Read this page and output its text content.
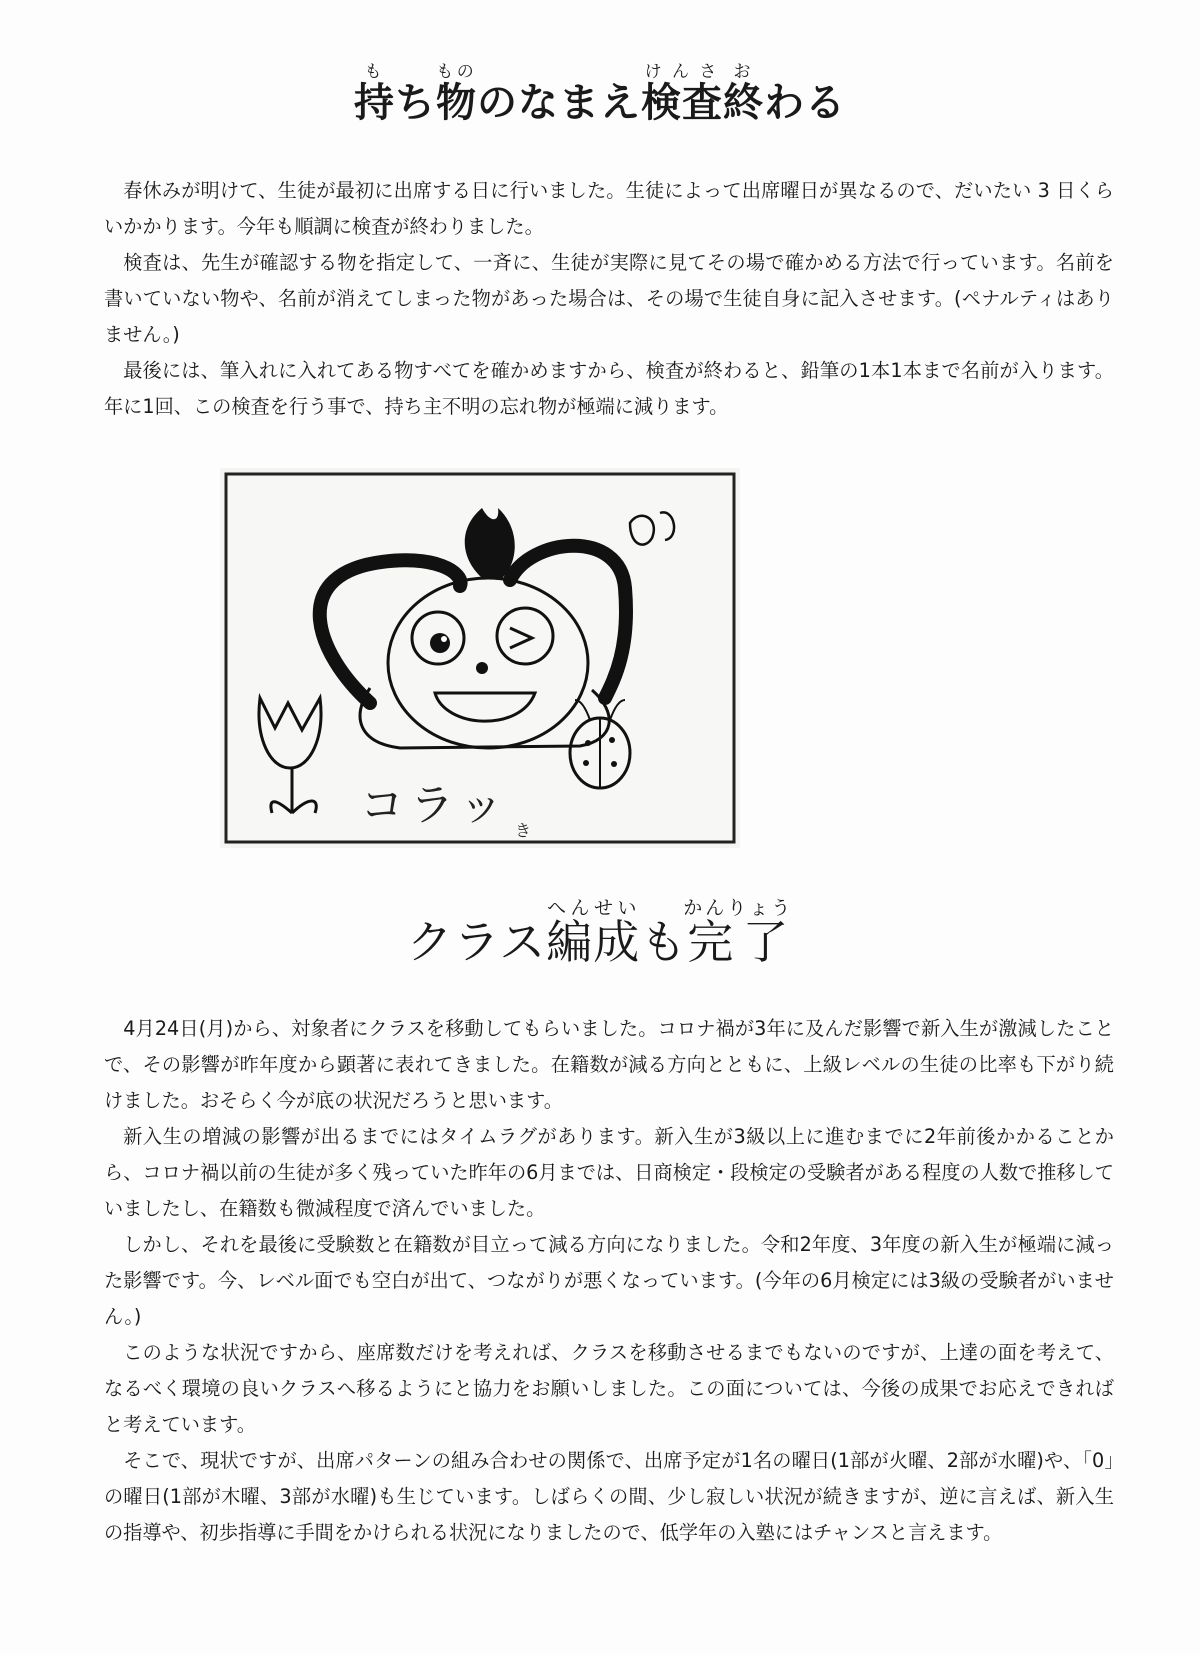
持もち物もののなまえ検査けんさ終おわる

春休みが明けて、生徒が最初に出席する日に行いました。生徒によって出席曜日が異なるので、だいたい 3 日くらいかかります。今年も順調に検査が終わりました。

検査は、先生が確認する物を指定して、一斉に、生徒が実際に見てその場で確かめる方法で行っています。名前を書いていない物や、名前が消えてしまった物があった場合は、その場で生徒自身に記入させます。(ペナルティはありません。)

最後には、筆入れに入れてある物すべてを確かめますから、検査が終わると、鉛筆の1本1本まで名前が入ります。年に1回、この検査を行う事で、持ち主不明の忘れ物が極端に減ります。

コラッ き
クラス編成へんせいも完了かんりょう

4月24日(月)から、対象者にクラスを移動してもらいました。コロナ禍が3年に及んだ影響で新入生が激減したことで、その影響が昨年度から顕著に表れてきました。在籍数が減る方向とともに、上級レベルの生徒の比率も下がり続けました。おそらく今が底の状況だろうと思います。

新入生の増減の影響が出るまでにはタイムラグがあります。新入生が3級以上に進むまでに2年前後かかることから、コロナ禍以前の生徒が多く残っていた昨年の6月までは、日商検定・段検定の受験者がある程度の人数で推移していましたし、在籍数も微減程度で済んでいました。

しかし、それを最後に受験数と在籍数が目立って減る方向になりました。令和2年度、3年度の新入生が極端に減った影響です。今、レベル面でも空白が出て、つながりが悪くなっています。(今年の6月検定には3級の受験者がいません。)

このような状況ですから、座席数だけを考えれば、クラスを移動させるまでもないのですが、上達の面を考えて、なるべく環境の良いクラスへ移るようにと協力をお願いしました。この面については、今後の成果でお応えできればと考えています。

そこで、現状ですが、出席パターンの組み合わせの関係で、出席予定が1名の曜日(1部が火曜、2部が水曜)や、「0」の曜日(1部が木曜、3部が水曜)も生じています。しばらくの間、少し寂しい状況が続きますが、逆に言えば、新入生の指導や、初歩指導に手間をかけられる状況になりましたので、低学年の入塾にはチャンスと言えます。
